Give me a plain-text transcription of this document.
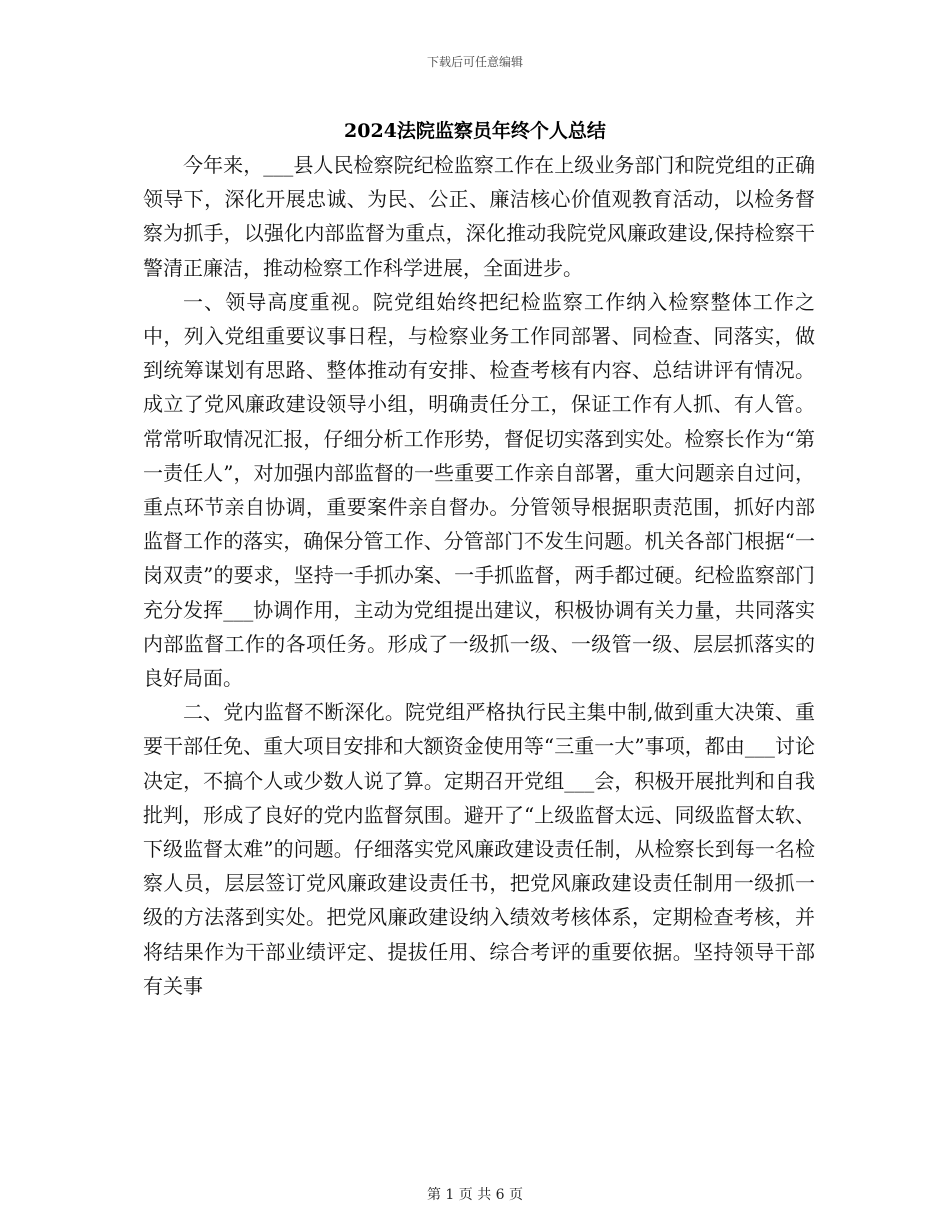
下载后可任意编辑
2024法院监察员年终个人总结

今年来，___县人民检察院纪检监察工作在上级业务部门和院党组的正确领导下，深化开展忠诚、为民、公正、廉洁核心价值观教育活动，以检务督察为抓手，以强化内部监督为重点，深化推动我院党风廉政建设,保持检察干警清正廉洁，推动检察工作科学进展，全面进步。

一、领导高度重视。院党组始终把纪检监察工作纳入检察整体工作之中，列入党组重要议事日程，与检察业务工作同部署、同检查、同落实，做到统筹谋划有思路、整体推动有安排、检查考核有内容、总结讲评有情况。成立了党风廉政建设领导小组，明确责任分工，保证工作有人抓、有人管。常常听取情况汇报，仔细分析工作形势，督促切实落到实处。检察长作为“第一责任人”，对加强内部监督的一些重要工作亲自部署，重大问题亲自过问，重点环节亲自协调，重要案件亲自督办。分管领导根据职责范围，抓好内部监督工作的落实，确保分管工作、分管部门不发生问题。机关各部门根据“一岗双责”的要求，坚持一手抓办案、一手抓监督，两手都过硬。纪检监察部门充分发挥___协调作用，主动为党组提出建议，积极协调有关力量，共同落实内部监督工作的各项任务。形成了一级抓一级、一级管一级、层层抓落实的良好局面。

二、党内监督不断深化。院党组严格执行民主集中制,做到重大决策、重要干部任免、重大项目安排和大额资金使用等“三重一大”事项，都由___讨论决定，不搞个人或少数人说了算。定期召开党组___会，积极开展批判和自我批判，形成了良好的党内监督氛围。避开了“上级监督太远、同级监督太软、下级监督太难”的问题。仔细落实党风廉政建设责任制，从检察长到每一名检察人员，层层签订党风廉政建设责任书，把党风廉政建设责任制用一级抓一级的方法落到实处。把党风廉政建设纳入绩效考核体系，定期检查考核，并将结果作为干部业绩评定、提拔任用、综合考评的重要依据。坚持领导干部有关事

第 1 页 共 6 页
